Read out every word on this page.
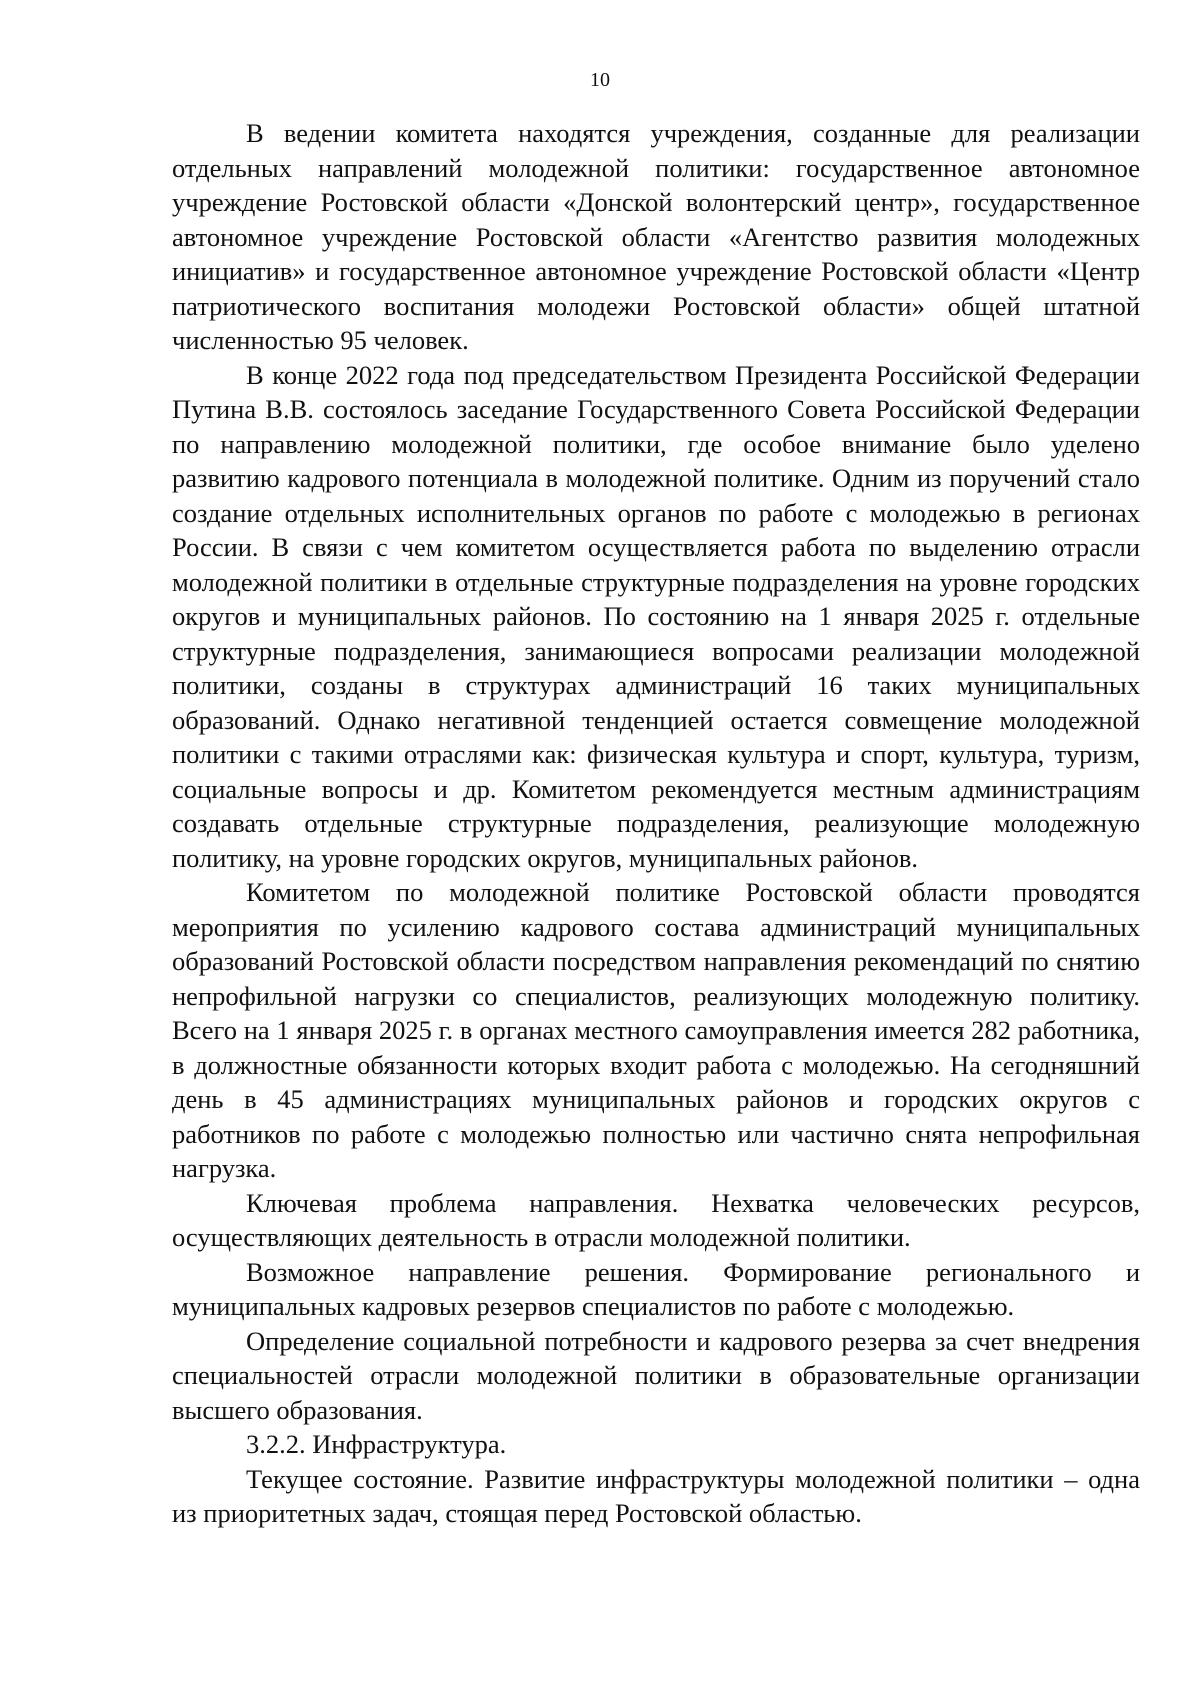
10

В ведении комитета находятся учреждения, созданные для реализации отдельных направлений молодежной политики: государственное автономное учреждение Ростовской области «Донской волонтерский центр», государственное автономное учреждение Ростовской области «Агентство развития молодежных инициатив» и государственное автономное учреждение Ростовской области «Центр патриотического воспитания молодежи Ростовской области» общей штатной численностью 95 человек.

В конце 2022 года под председательством Президента Российской Федерации Путина В.В. состоялось заседание Государственного Совета Российской Федерации по направлению молодежной политики, где особое внимание было уделено развитию кадрового потенциала в молодежной политике. Одним из поручений стало создание отдельных исполнительных органов по работе с молодежью в регионах России. В связи с чем комитетом осуществляется работа по выделению отрасли молодежной политики в отдельные структурные подразделения на уровне городских округов и муниципальных районов. По состоянию на 1 января 2025 г. отдельные структурные подразделения, занимающиеся вопросами реализации молодежной политики, созданы в структурах администраций 16 таких муниципальных образований. Однако негативной тенденцией остается совмещение молодежной политики с такими отраслями как: физическая культура и спорт, культура, туризм, социальные вопросы и др. Комитетом рекомендуется местным администрациям создавать отдельные структурные подразделения, реализующие молодежную политику, на уровне городских округов, муниципальных районов.

Комитетом по молодежной политике Ростовской области проводятся мероприятия по усилению кадрового состава администраций муниципальных образований Ростовской области посредством направления рекомендаций по снятию непрофильной нагрузки со специалистов, реализующих молодежную политику. Всего на 1 января 2025 г. в органах местного самоуправления имеется 282 работника, в должностные обязанности которых входит работа с молодежью. На сегодняшний день в 45 администрациях муниципальных районов и городских округов с работников по работе с молодежью полностью или частично снята непрофильная нагрузка.

Ключевая проблема направления. Нехватка человеческих ресурсов, осуществляющих деятельность в отрасли молодежной политики.

Возможное направление решения. Формирование регионального и муниципальных кадровых резервов специалистов по работе с молодежью.

Определение социальной потребности и кадрового резерва за счет внедрения специальностей отрасли молодежной политики в образовательные организации высшего образования.

3.2.2. Инфраструктура.

Текущее состояние. Развитие инфраструктуры молодежной политики – одна из приоритетных задач, стоящая перед Ростовской областью.
